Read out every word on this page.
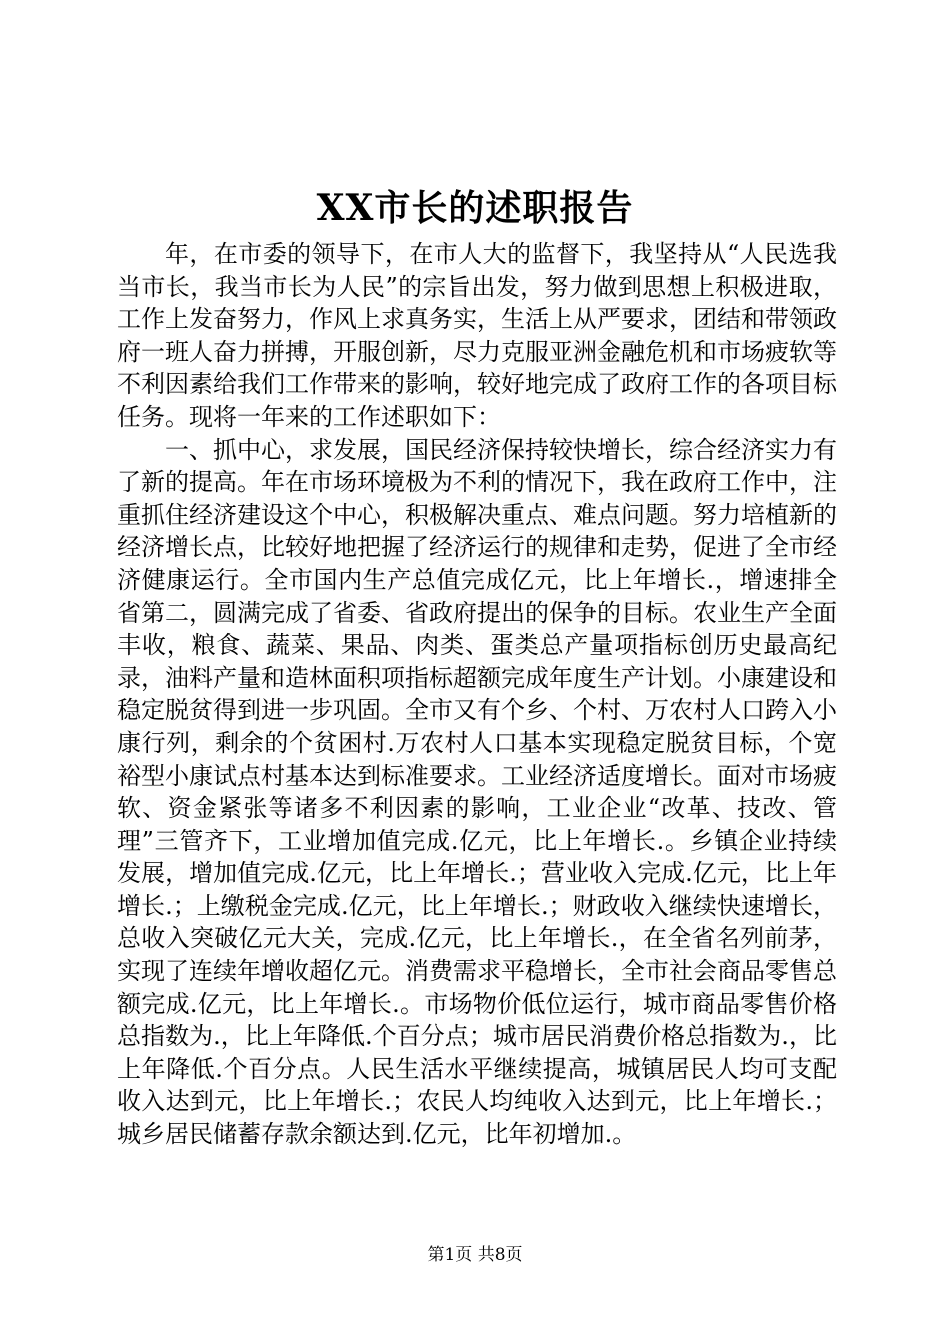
XX市长的述职报告

年，在市委的领导下，在市人大的监督下，我坚持从“人民选我当市长，我当市长为人民”的宗旨出发，努力做到思想上积极进取，工作上发奋努力，作风上求真务实，生活上从严要求，团结和带领政府一班人奋力拼搏，开服创新，尽力克服亚洲金融危机和市场疲软等不利因素给我们工作带来的影响，较好地完成了政府工作的各项目标任务。现将一年来的工作述职如下：

一、抓中心，求发展，国民经济保持较快增长，综合经济实力有了新的提高。年在市场环境极为不利的情况下，我在政府工作中，注重抓住经济建设这个中心，积极解决重点、难点问题。努力培植新的经济增长点，比较好地把握了经济运行的规律和走势，促进了全市经济健康运行。全市国内生产总值完成亿元，比上年增长.，增速排全省第二，圆满完成了省委、省政府提出的保争的目标。农业生产全面丰收，粮食、蔬菜、果品、肉类、蛋类总产量项指标创历史最高纪录，油料产量和造林面积项指标超额完成年度生产计划。小康建设和稳定脱贫得到进一步巩固。全市又有个乡、个村、万农村人口跨入小康行列，剩余的个贫困村.万农村人口基本实现稳定脱贫目标，个宽裕型小康试点村基本达到标准要求。工业经济适度增长。面对市场疲软、资金紧张等诸多不利因素的影响，工业企业“改革、技改、管理”三管齐下，工业增加值完成.亿元，比上年增长.。乡镇企业持续发展，增加值完成.亿元，比上年增长.；营业收入完成.亿元，比上年增长.；上缴税金完成.亿元，比上年增长.；财政收入继续快速增长，总收入突破亿元大关，完成.亿元，比上年增长.，在全省名列前茅，实现了连续年增收超亿元。消费需求平稳增长，全市社会商品零售总额完成.亿元，比上年增长.。市场物价低位运行，城市商品零售价格总指数为.，比上年降低.个百分点；城市居民消费价格总指数为.，比上年降低.个百分点。人民生活水平继续提高，城镇居民人均可支配收入达到元，比上年增长.；农民人均纯收入达到元，比上年增长.；城乡居民储蓄存款余额达到.亿元，比年初增加.。

第1页 共8页
